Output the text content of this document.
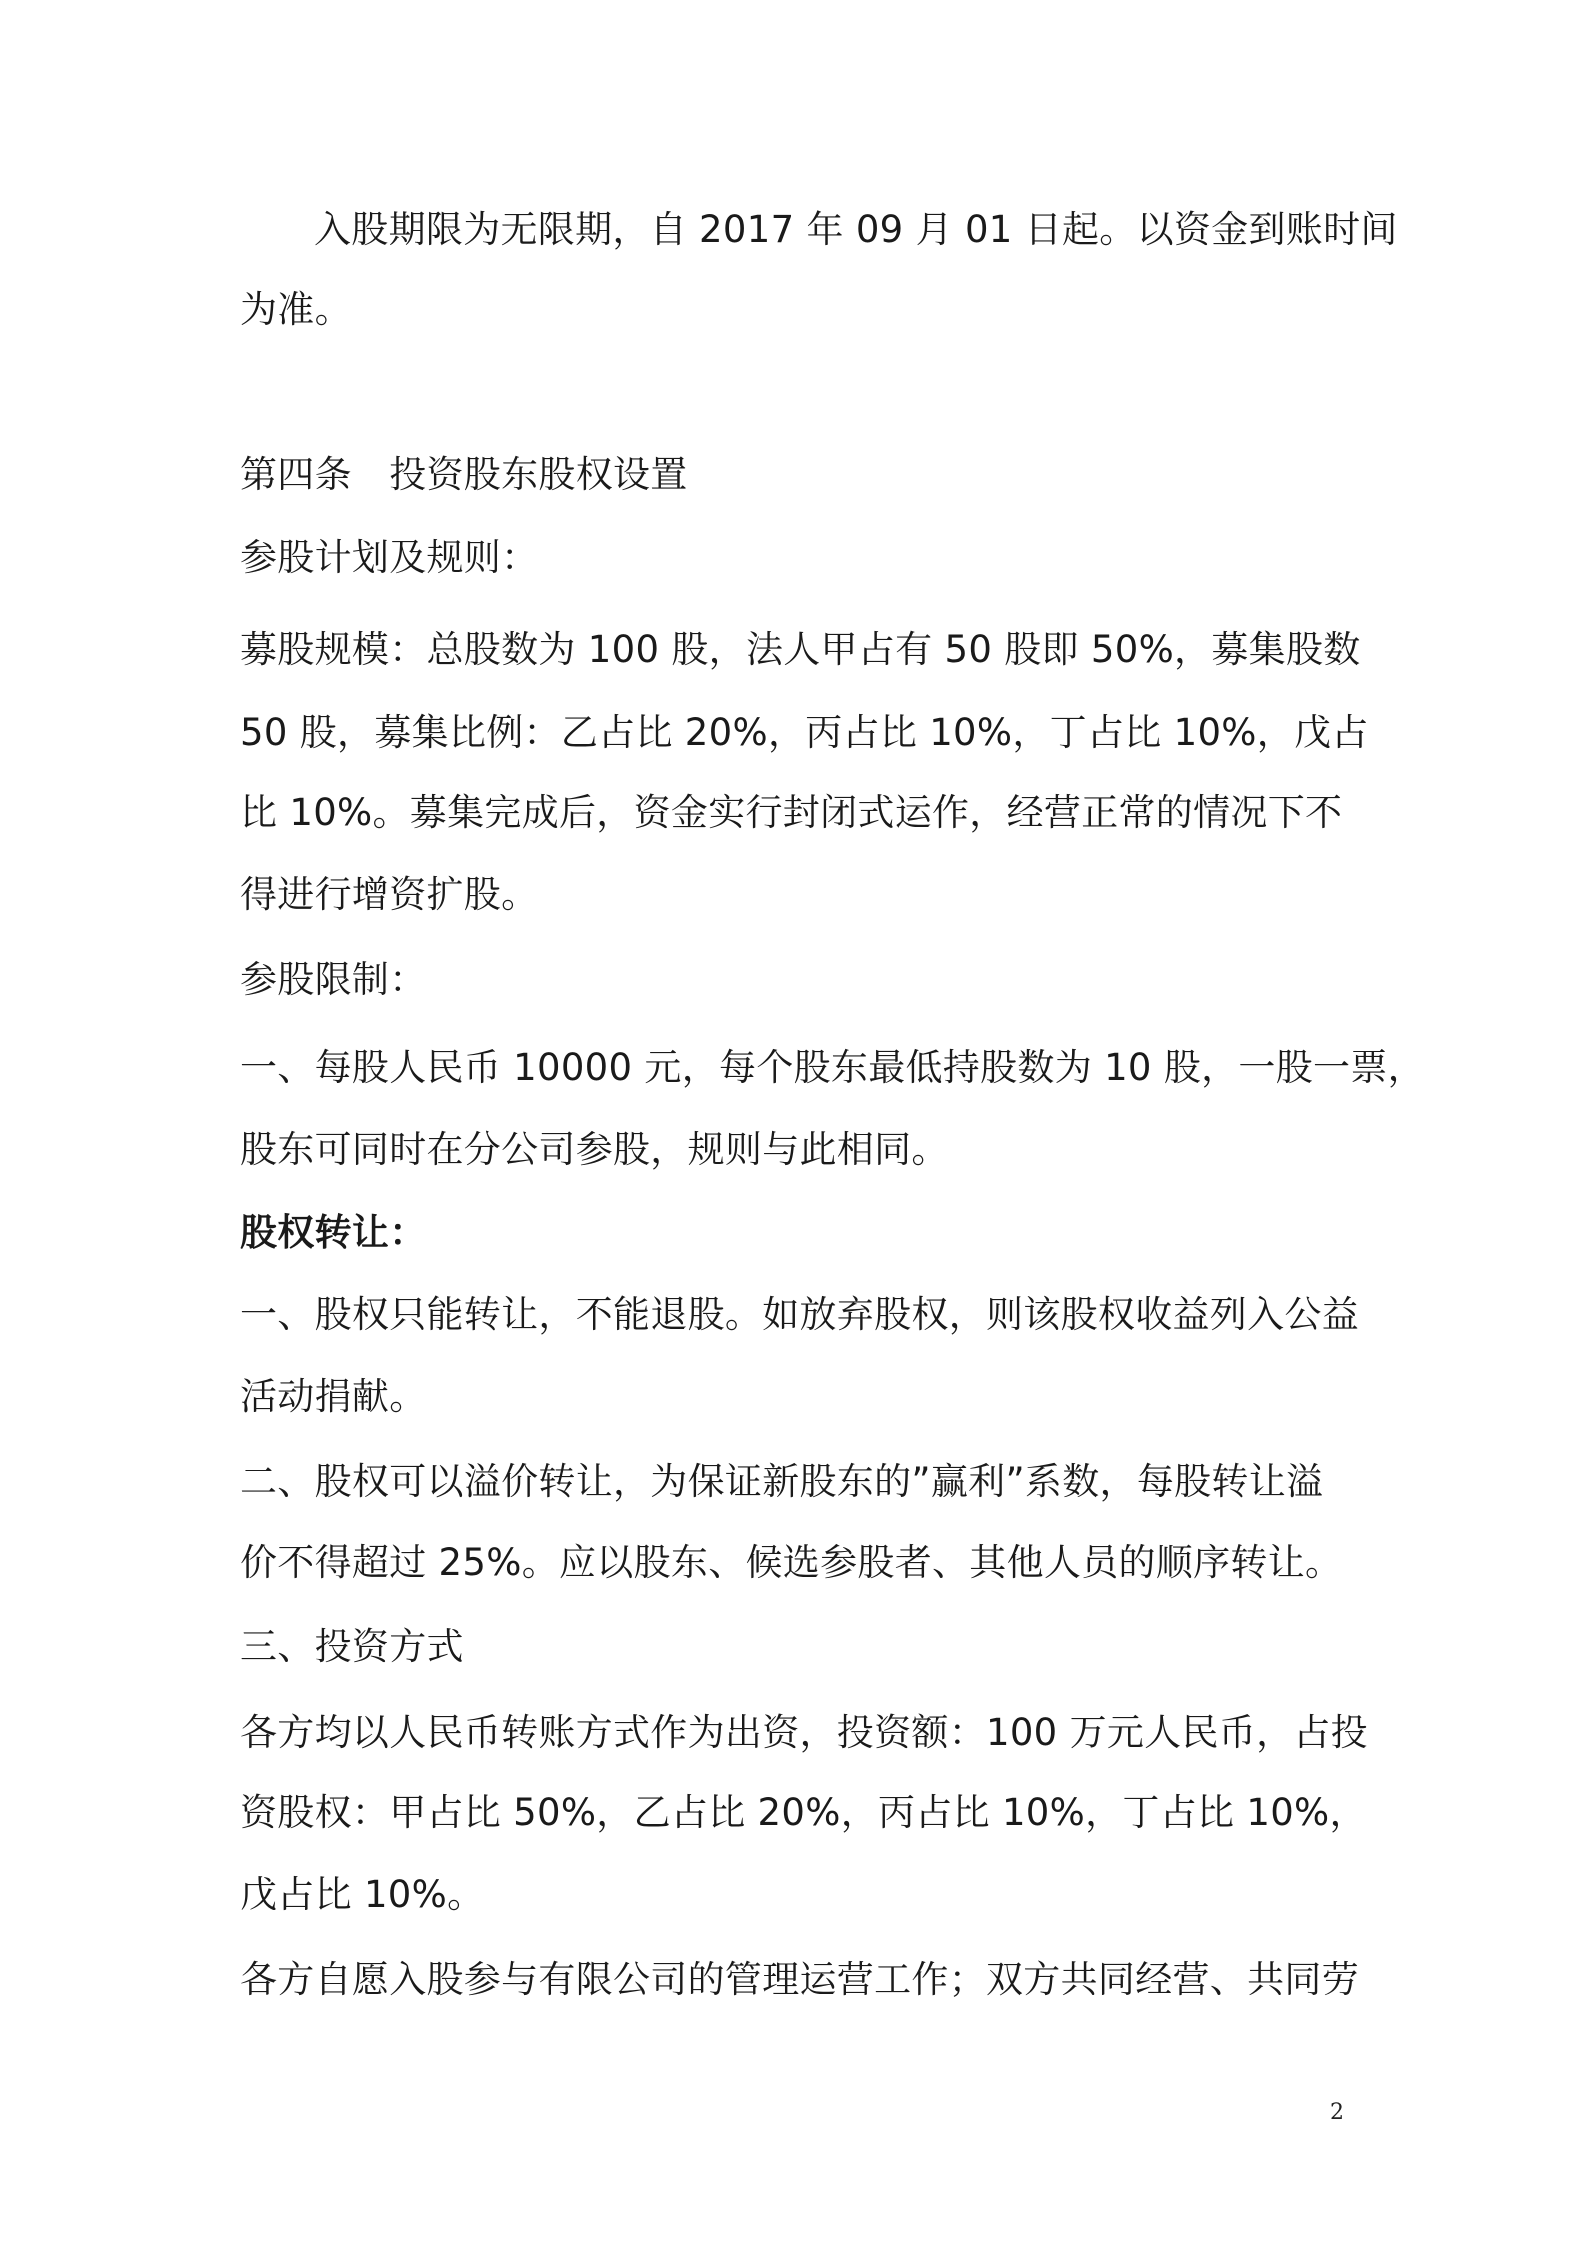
入股期限为无限期，自 2017 年 09 月 01 日起。以资金到账时间
为准。
第四条　投资股东股权设置
参股计划及规则：
募股规模：总股数为 100 股，法人甲占有 50 股即 50%，募集股数
50 股，募集比例：乙占比 20%，丙占比 10%，丁占比 10%，戊占
比 10%。募集完成后，资金实行封闭式运作，经营正常的情况下不
得进行增资扩股。
参股限制：
一、每股人民币 10000 元，每个股东最低持股数为 10 股，一股一票，
股东可同时在分公司参股，规则与此相同。
股权转让：
一、股权只能转让，不能退股。如放弃股权，则该股权收益列入公益
活动捐献。
二、股权可以溢价转让，为保证新股东的”赢利”系数，每股转让溢
价不得超过 25%。应以股东、候选参股者、其他人员的顺序转让。
三、投资方式
各方均以人民币转账方式作为出资，投资额：100 万元人民币，占投
资股权：甲占比 50%，乙占比 20%，丙占比 10%，丁占比 10%，
戊占比 10%。
各方自愿入股参与有限公司的管理运营工作；双方共同经营、共同劳
2
